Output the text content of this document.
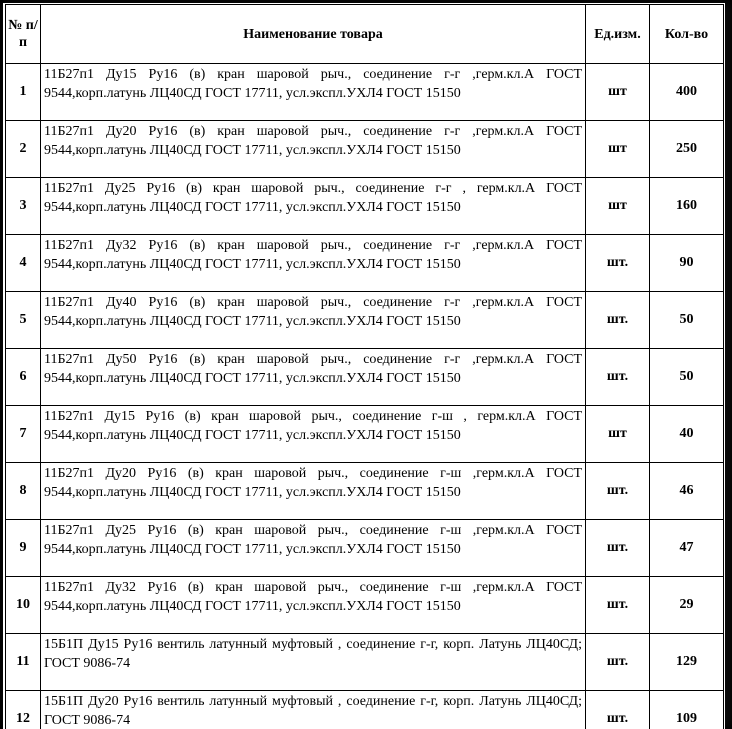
№ п/п	Наименование товара	Ед.изм.	Кол-во
1	11Б27п1 Ду15 Ру16 (в) кран шаровой рыч., соединение г-г ,герм.кл.А ГОСТ 9544,корп.латунь ЛЦ40СД ГОСТ 17711, усл.экспл.УХЛ4 ГОСТ 15150	шт	400
2	11Б27п1 Ду20 Ру16 (в) кран шаровой рыч., соединение г-г ,герм.кл.А ГОСТ 9544,корп.латунь ЛЦ40СД ГОСТ 17711, усл.экспл.УХЛ4 ГОСТ 15150	шт	250
3	11Б27п1 Ду25 Ру16 (в) кран шаровой рыч., соединение г-г , герм.кл.А ГОСТ 9544,корп.латунь ЛЦ40СД ГОСТ 17711, усл.экспл.УХЛ4 ГОСТ 15150	шт	160
4	11Б27п1 Ду32 Ру16 (в) кран шаровой рыч., соединение г-г ,герм.кл.А ГОСТ 9544,корп.латунь ЛЦ40СД ГОСТ 17711, усл.экспл.УХЛ4 ГОСТ 15150	шт.	90
5	11Б27п1 Ду40 Ру16 (в) кран шаровой рыч., соединение г-г ,герм.кл.А ГОСТ 9544,корп.латунь ЛЦ40СД ГОСТ 17711, усл.экспл.УХЛ4 ГОСТ 15150	шт.	50
6	11Б27п1 Ду50 Ру16 (в) кран шаровой рыч., соединение г-г ,герм.кл.А ГОСТ 9544,корп.латунь ЛЦ40СД ГОСТ 17711, усл.экспл.УХЛ4 ГОСТ 15150	шт.	50
7	11Б27п1 Ду15 Ру16 (в) кран шаровой рыч., соединение г-ш , герм.кл.А ГОСТ 9544,корп.латунь ЛЦ40СД ГОСТ 17711, усл.экспл.УХЛ4 ГОСТ 15150	шт	40
8	11Б27п1 Ду20 Ру16 (в) кран шаровой рыч., соединение г-ш ,герм.кл.А ГОСТ 9544,корп.латунь ЛЦ40СД ГОСТ 17711, усл.экспл.УХЛ4 ГОСТ 15150	шт.	46
9	11Б27п1 Ду25 Ру16 (в) кран шаровой рыч., соединение г-ш ,герм.кл.А ГОСТ 9544,корп.латунь ЛЦ40СД ГОСТ 17711, усл.экспл.УХЛ4 ГОСТ 15150	шт.	47
10	11Б27п1 Ду32 Ру16 (в) кран шаровой рыч., соединение г-ш ,герм.кл.А ГОСТ 9544,корп.латунь ЛЦ40СД ГОСТ 17711, усл.экспл.УХЛ4 ГОСТ 15150	шт.	29
11	15Б1П Ду15 Ру16 вентиль латунный муфтовый , соединение г-г, корп. Латунь ЛЦ40СД; ГОСТ 9086-74	шт.	129
12	15Б1П Ду20 Ру16 вентиль латунный муфтовый , соединение г-г, корп. Латунь ЛЦ40СД; ГОСТ 9086-74	шт.	109
